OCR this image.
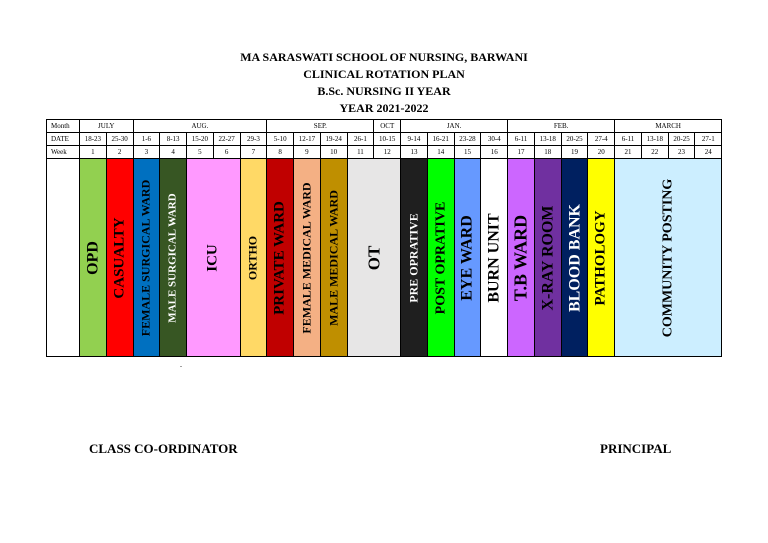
MA SARASWATI SCHOOL OF NURSING, BARWANI
CLINICAL ROTATION PLAN
B.Sc. NURSING II YEAR
YEAR 2021-2022
Month	JULY		AUG.					SEP.				OCT	JAN.				FEB.				MARCH			
DATE	18-23	25-30	1-6	8-13	15-20	22-27	29-3	5-10	12-17	19-24	26-1	10-15	9-14	16-21	23-28	30-4	6-11	13-18	20-25	27-4	6-11	13-18	20-25	27-1
Week	1	2	3	4	5	6	7	8	9	10	11	12	13	14	15	16	17	18	19	20	21	22	23	24

	OPD	CASUALTY	FEMALE SURGICAL WARD	MALE SURGICAL WARD	ICU		ORTHO	PRIVATE WARD	FEMALE MEDICAL WARD	MALE MEDICAL WARD	OT		PRE OPRATIVE	POST OPRATIVE	EYE WARD	BURN UNIT	T.B WARD	X-RAY ROOM	BLOOD BANK	PATHOLOGY	COMMUNITY POSTING			
.
CLASS CO-ORDINATOR	PRINCIPAL
